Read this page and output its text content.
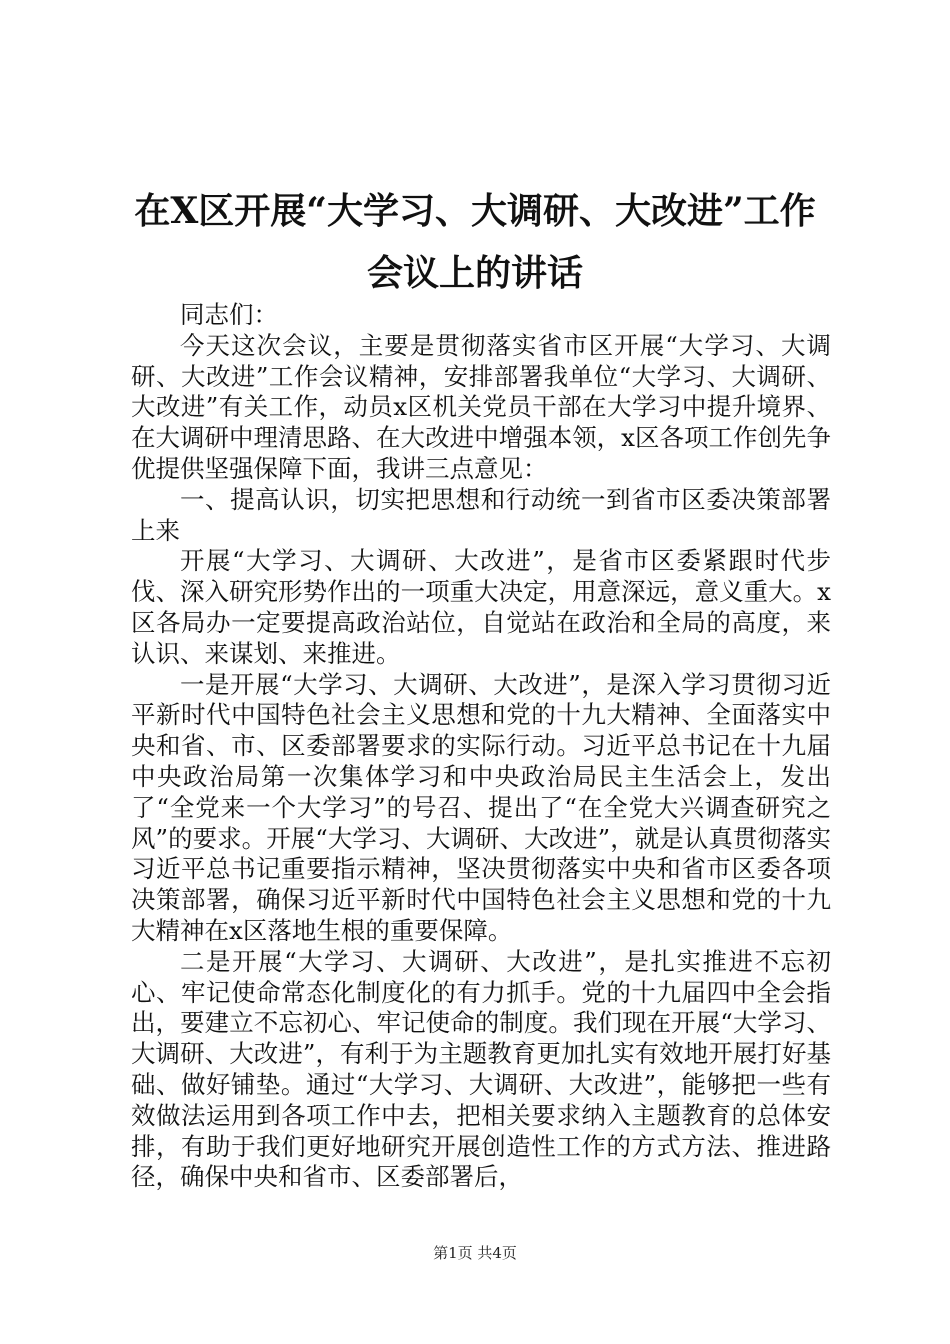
在X区开展“大学习、大调研、大改进”工作
会议上的讲话

同志们：

今天这次会议，主要是贯彻落实省市区开展“大学习、大调研、大改进”工作会议精神，安排部署我单位“大学习、大调研、大改进”有关工作，动员x区机关党员干部在大学习中提升境界、在大调研中理清思路、在大改进中增强本领，x区各项工作创先争优提供坚强保障下面，我讲三点意见：

一、提高认识，切实把思想和行动统一到省市区委决策部署上来

开展“大学习、大调研、大改进”，是省市区委紧跟时代步伐、深入研究形势作出的一项重大决定，用意深远，意义重大。x区各局办一定要提高政治站位，自觉站在政治和全局的高度，来认识、来谋划、来推进。

一是开展“大学习、大调研、大改进”，是深入学习贯彻习近平新时代中国特色社会主义思想和党的十九大精神、全面落实中央和省、市、区委部署要求的实际行动。习近平总书记在十九届中央政治局第一次集体学习和中央政治局民主生活会上，发出了“全党来一个大学习”的号召、提出了“在全党大兴调查研究之风”的要求。开展“大学习、大调研、大改进”，就是认真贯彻落实习近平总书记重要指示精神，坚决贯彻落实中央和省市区委各项决策部署，确保习近平新时代中国特色社会主义思想和党的十九大精神在x区落地生根的重要保障。

二是开展“大学习、大调研、大改进”，是扎实推进不忘初心、牢记使命常态化制度化的有力抓手。党的十九届四中全会指出，要建立不忘初心、牢记使命的制度。我们现在开展“大学习、大调研、大改进”，有利于为主题教育更加扎实有效地开展打好基础、做好铺垫。通过“大学习、大调研、大改进”，能够把一些有效做法运用到各项工作中去，把相关要求纳入主题教育的总体安排，有助于我们更好地研究开展创造性工作的方式方法、推进路径，确保中央和省市、区委部署后，

第1页 共4页
